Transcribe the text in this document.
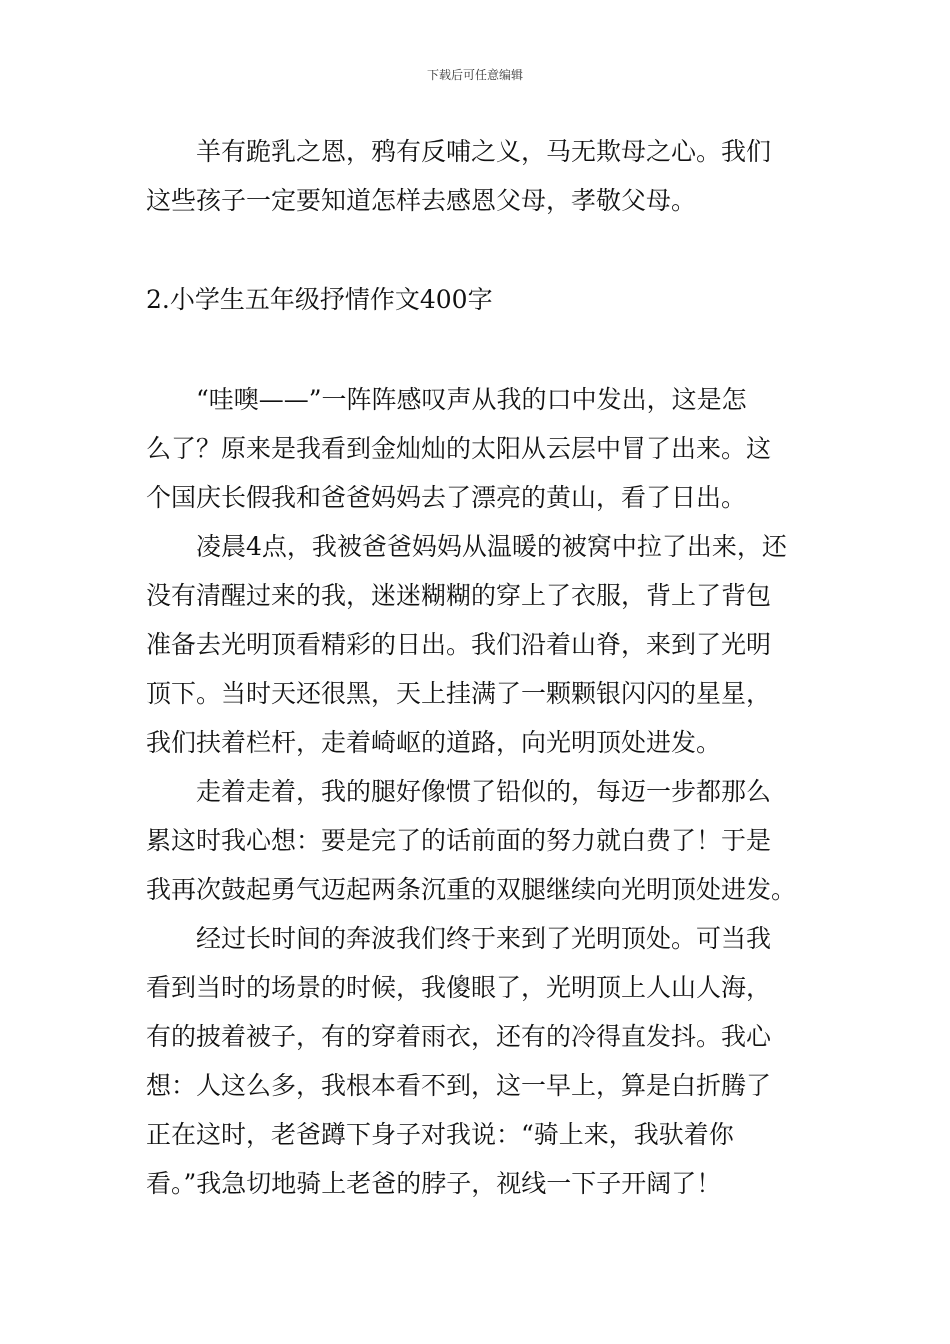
下载后可任意编辑

羊有跪乳之恩，鸦有反哺之义，马无欺母之心。我们
这些孩子一定要知道怎样去感恩父母，孝敬父母。

2.小学生五年级抒情作文400字

“哇噢——”一阵阵感叹声从我的口中发出，这是怎
么了？原来是我看到金灿灿的太阳从云层中冒了出来。这
个国庆长假我和爸爸妈妈去了漂亮的黄山，看了日出。

凌晨4点，我被爸爸妈妈从温暖的被窝中拉了出来，还
没有清醒过来的我，迷迷糊糊的穿上了衣服，背上了背包
准备去光明顶看精彩的日出。我们沿着山脊，来到了光明
顶下。当时天还很黑，天上挂满了一颗颗银闪闪的星星，
我们扶着栏杆，走着崎岖的道路，向光明顶处进发。

走着走着，我的腿好像惯了铅似的，每迈一步都那么
累这时我心想：要是完了的话前面的努力就白费了！于是
我再次鼓起勇气迈起两条沉重的双腿继续向光明顶处进发。

经过长时间的奔波我们终于来到了光明顶处。可当我
看到当时的场景的时候，我傻眼了，光明顶上人山人海，
有的披着被子，有的穿着雨衣，还有的冷得直发抖。我心
想：人这么多，我根本看不到，这一早上，算是白折腾了
正在这时，老爸蹲下身子对我说：“骑上来，我驮着你
看。”我急切地骑上老爸的脖子，视线一下子开阔了！
